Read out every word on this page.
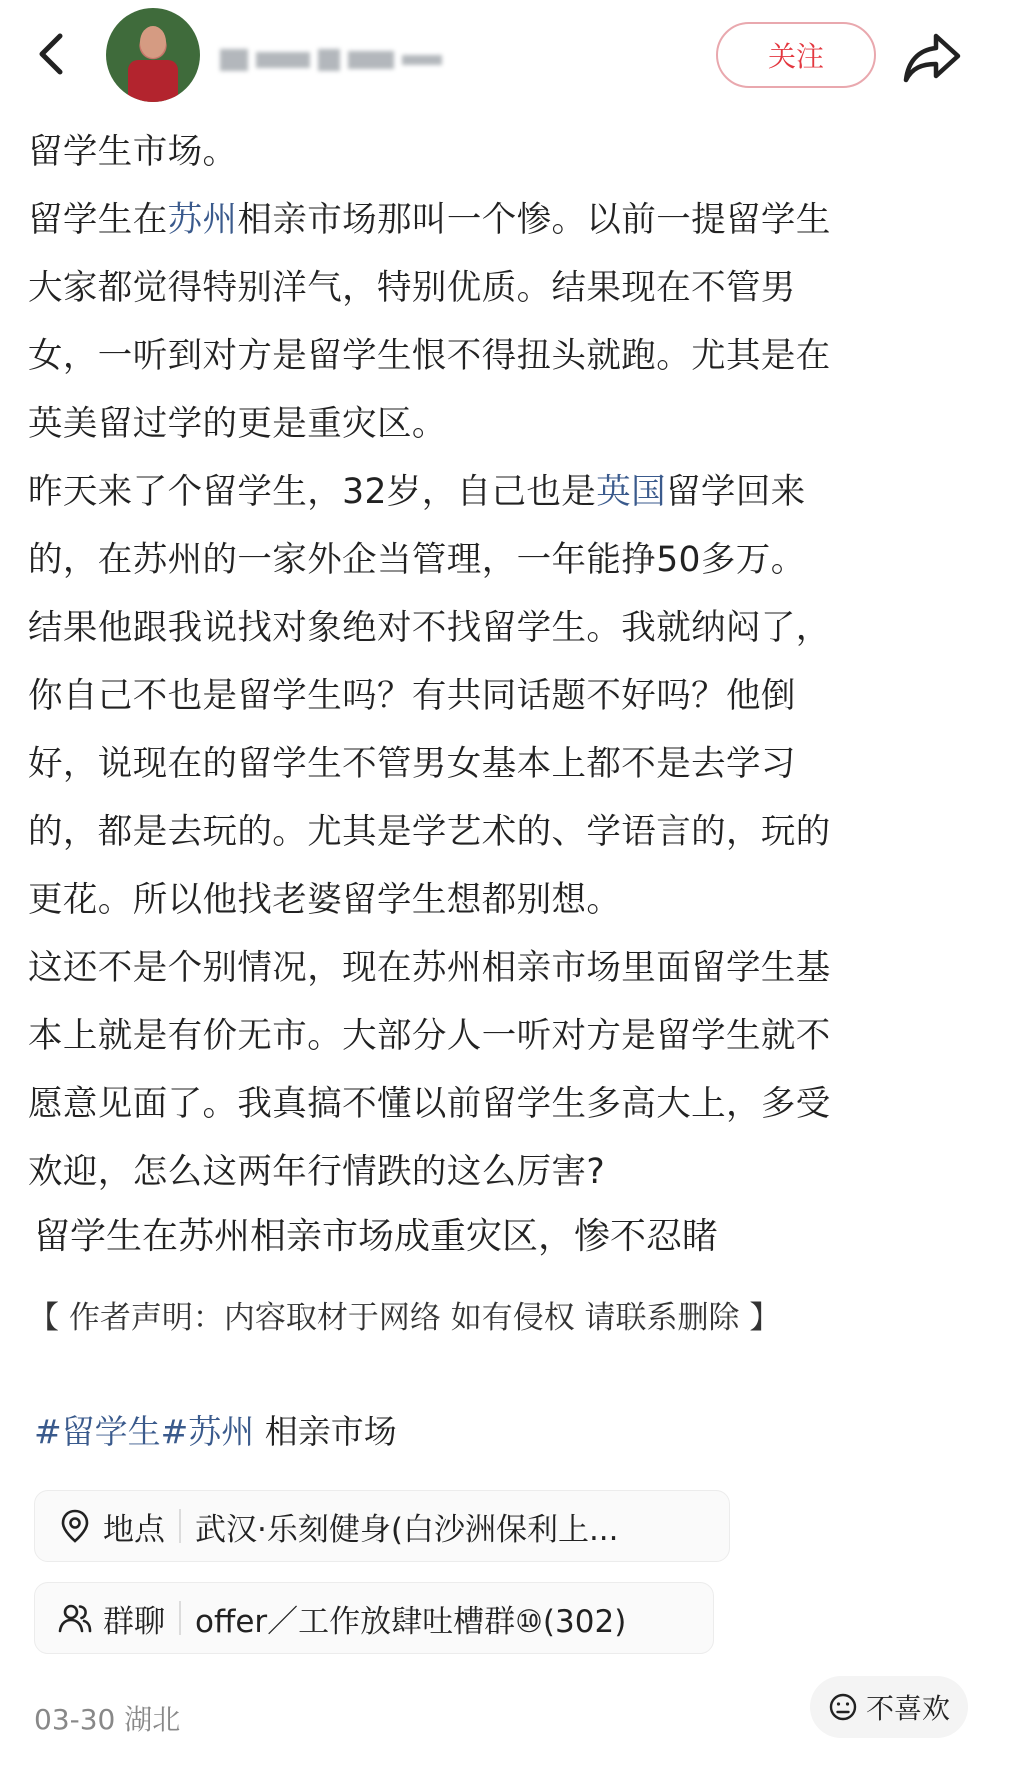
关注

留学生市场。

留学生在苏州相亲市场那叫一个惨。以前一提留学生

大家都觉得特别洋气，特别优质。结果现在不管男

女，一听到对方是留学生恨不得扭头就跑。尤其是在

英美留过学的更是重灾区。

昨天来了个留学生，32岁，自己也是英国留学回来

的，在苏州的一家外企当管理，一年能挣50多万。

结果他跟我说找对象绝对不找留学生。我就纳闷了，

你自己不也是留学生吗？有共同话题不好吗？他倒

好，说现在的留学生不管男女基本上都不是去学习

的，都是去玩的。尤其是学艺术的、学语言的，玩的

更花。所以他找老婆留学生想都别想。

这还不是个别情况，现在苏州相亲市场里面留学生基

本上就是有价无市。大部分人一听对方是留学生就不

愿意见面了。我真搞不懂以前留学生多高大上，多受

欢迎，怎么这两年行情跌的这么厉害?

留学生在苏州相亲市场成重灾区，惨不忍睹
【 作者声明：内容取材于网络 如有侵权 请联系删除 】
#留学生#苏州 相亲市场
地点 武汉·乐刻健身(白沙洲保利上...
群聊 offer／工作放肆吐槽群⑩(302)
03-30 湖北	不喜欢
